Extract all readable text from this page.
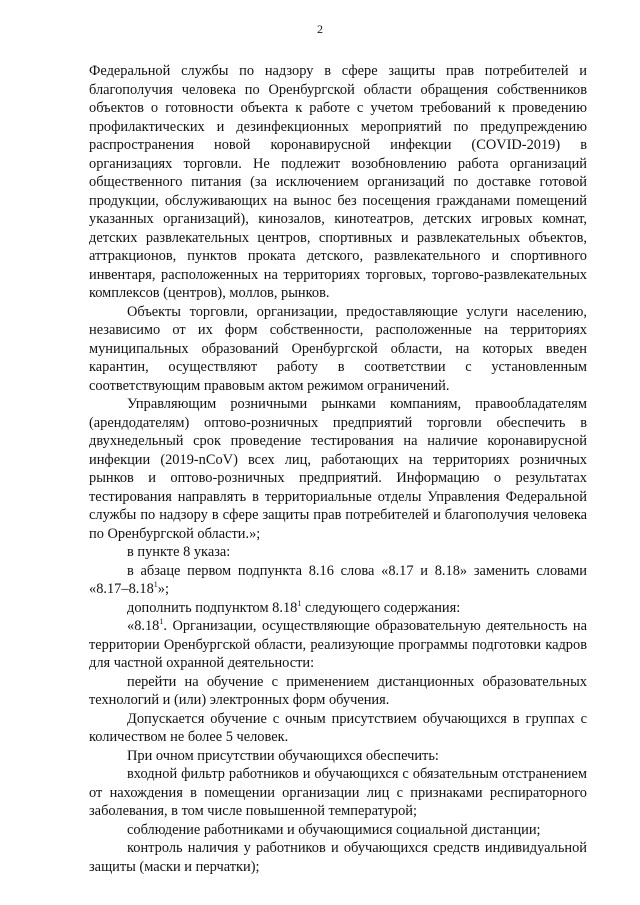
2

Федеральной службы по надзору в сфере защиты прав потребителей и благополучия человека по Оренбургской области обращения собственников объектов о готовности объекта к работе с учетом требований к проведению профилактических и дезинфекционных мероприятий по предупреждению распространения новой коронавирусной инфекции (COVID-2019) в организациях торговли. Не подлежит возобновлению работа организаций общественного питания (за исключением организаций по доставке готовой продукции, обслуживающих на вынос без посещения гражданами помещений указанных организаций), кинозалов, кинотеатров, детских игровых комнат, детских развлекательных центров, спортивных и развлекательных объектов, аттракционов, пунктов проката детского, развлекательного и спортивного инвентаря, расположенных на территориях торговых, торгово-развлекательных комплексов (центров), моллов, рынков.

Объекты торговли, организации, предоставляющие услуги населению, независимо от их форм собственности, расположенные на территориях муниципальных образований Оренбургской области, на которых введен карантин, осуществляют работу в соответствии с установленным соответствующим правовым актом режимом ограничений.

Управляющим розничными рынками компаниям, правообладателям (арендодателям) оптово-розничных предприятий торговли обеспечить в двухнедельный срок проведение тестирования на наличие коронавирусной инфекции (2019-nCoV) всех лиц, работающих на территориях розничных рынков и оптово-розничных предприятий. Информацию о результатах тестирования направлять в территориальные отделы Управления Федеральной службы по надзору в сфере защиты прав потребителей и благополучия человека по Оренбургской области.»;

в пункте 8 указа:

в абзаце первом подпункта 8.16 слова «8.17 и 8.18» заменить словами «8.17–8.18$^1$»;

дополнить подпунктом 8.18$^1$ следующего содержания:

«8.18$^1$. Организации, осуществляющие образовательную деятельность на территории Оренбургской области, реализующие программы подготовки кадров для частной охранной деятельности:

перейти на обучение с применением дистанционных образовательных технологий и (или) электронных форм обучения.

Допускается обучение с очным присутствием обучающихся в группах с количеством не более 5 человек.

При очном присутствии обучающихся обеспечить:

входной фильтр работников и обучающихся с обязательным отстранением от нахождения в помещении организации лиц с признаками респираторного заболевания, в том числе повышенной температурой;

соблюдение работниками и обучающимися социальной дистанции;

контроль наличия у работников и обучающихся средств индивидуальной защиты (маски и перчатки);
